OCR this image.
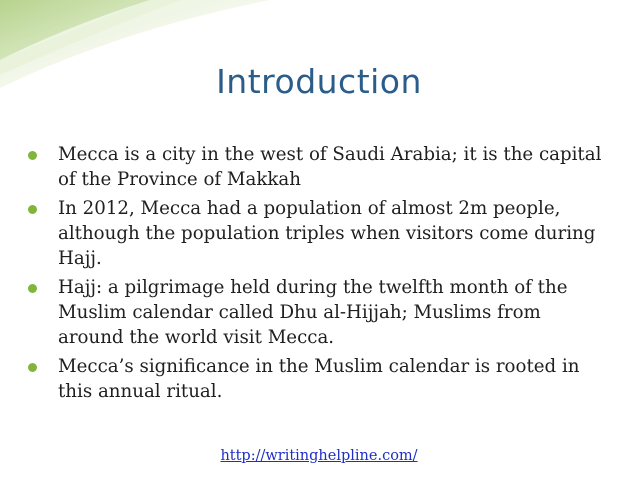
Introduction
Mecca is a city in the west of Saudi Arabia; it is the capital of the Province of Makkah
In 2012, Mecca had a population of almost 2m people, although the population triples when visitors come during Hajj.
Hajj: a pilgrimage held during the twelfth month of the Muslim calendar called Dhu al-Hijjah; Muslims from around the world visit Mecca.
Mecca’s significance in the Muslim calendar is rooted in this annual ritual.
http://writinghelpline.com/
